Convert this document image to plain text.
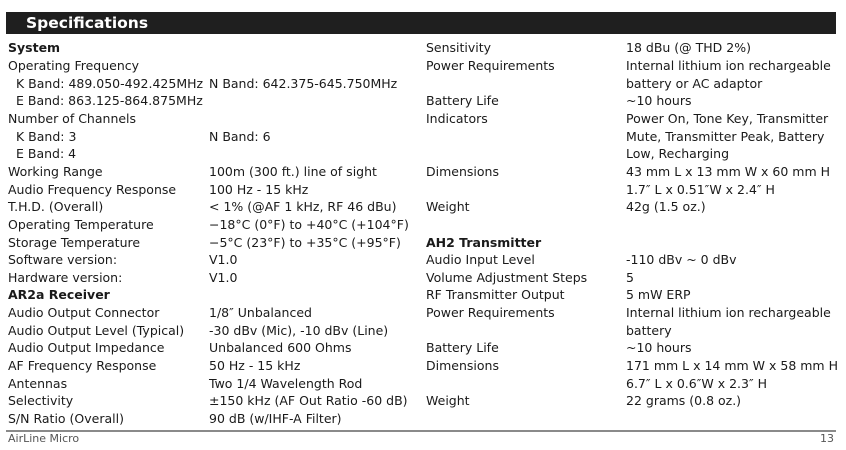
Specifications
System
Operating Frequency
K Band: 489.050-492.425MHz N Band: 642.375-645.750MHz
E Band: 863.125-864.875MHz
Number of Channels
K Band: 3	N Band: 6
E Band: 4
Working Range	100m (300 ft.) line of sight
Audio Frequency Response	100 Hz - 15 kHz
T.H.D. (Overall)	< 1% (@AF 1 kHz, RF 46 dBu)
Operating Temperature	−18°C (0°F) to +40°C (+104°F)
Storage Temperature	−5°C (23°F) to +35°C (+95°F)
Software version:	V1.0
Hardware version:	V1.0
AR2a Receiver
Audio Output Connector	1/8″ Unbalanced
Audio Output Level (Typical) -30 dBv (Mic), -10 dBv (Line)
Audio Output Impedance	Unbalanced 600 Ohms
AF Frequency Response	50 Hz - 15 kHz
Antennas	Two 1/4 Wavelength Rod
Selectivity	±150 kHz (AF Out Ratio -60 dB)
S/N Ratio (Overall)	90 dB (w/IHF-A Filter)
Sensitivity	18 dBu (@ THD 2%)
Power Requirements	Internal lithium ion rechargeable
battery or AC adaptor
Battery Life	~10 hours
Indicators	Power On, Tone Key, Transmitter
Mute, Transmitter Peak, Battery
Low, Recharging
Dimensions	43 mm L x 13 mm W x 60 mm H
1.7″ L x 0.51″W x 2.4″ H
Weight	42g (1.5 oz.)
AH2 Transmitter
Audio Input Level	-110 dBv ~ 0 dBv
Volume Adjustment Steps	5
RF Transmitter Output	5 mW ERP
Power Requirements	Internal lithium ion rechargeable
battery
Battery Life	~10 hours
Dimensions	171 mm L x 14 mm W x 58 mm H
6.7″ L x 0.6″W x 2.3″ H
Weight	22 grams (0.8 oz.)
AirLine Micro	13
